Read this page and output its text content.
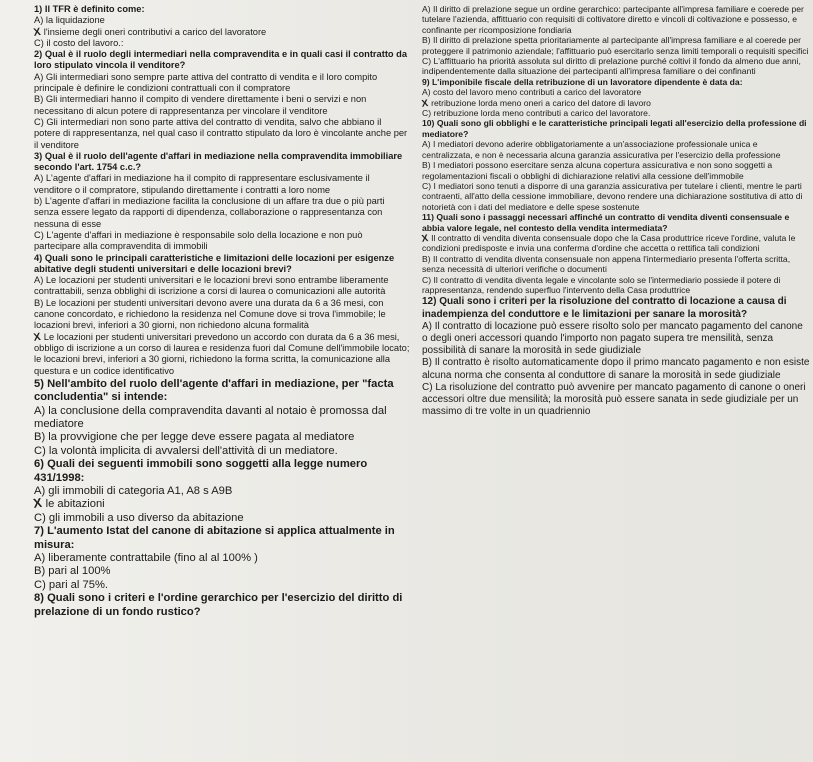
1) Il TFR è definito come:

A) la liquidazione

X l'insieme degli oneri contributivi a carico del lavoratore

C) il costo del lavoro.:

2) Qual è il ruolo degli intermediari nella compravendita e in quali casi il contratto da loro stipulato vincola il venditore?

A) Gli intermediari sono sempre parte attiva del contratto di vendita e il loro compito principale è definire le condizioni contrattuali con il compratore

B) Gli intermediari hanno il compito di vendere direttamente i beni o servizi e non necessitano di alcun potere di rappresentanza per vincolare il venditore

C) Gli intermediari non sono parte attiva del contratto di vendita, salvo che abbiano il potere di rappresentanza, nel qual caso il contratto stipulato da loro è vincolante anche per il venditore

3) Qual è il ruolo dell'agente d'affari in mediazione nella compravendita immobiliare secondo l'art. 1754 c.c.?

A) L'agente d'affari in mediazione ha il compito di rappresentare esclusivamente il venditore o il compratore, stipulando direttamente i contratti a loro nome

b) L'agente d'affari in mediazione facilita la conclusione di un affare tra due o più parti senza essere legato da rapporti di dipendenza, collaborazione o rappresentanza con nessuna di esse

C) L'agente d'affari in mediazione è responsabile solo della locazione e non può partecipare alla compravendita di immobili

4) Quali sono le principali caratteristiche e limitazioni delle locazioni per esigenze abitative degli studenti universitari e delle locazioni brevi?

A) Le locazioni per studenti universitari e le locazioni brevi sono entrambe liberamente contrattabili, senza obblighi di iscrizione a corsi di laurea o comunicazioni alle autorità

B) Le locazioni per studenti universitari devono avere una durata da 6 a 36 mesi, con canone concordato, e richiedono la residenza nel Comune dove si trova l'immobile; le locazioni brevi, inferiori a 30 giorni, non richiedono alcuna formalità

X Le locazioni per studenti universitari prevedono un accordo con durata da 6 a 36 mesi, obbligo di iscrizione a un corso di laurea e residenza fuori dal Comune dell'immobile locato; le locazioni brevi, inferiori a 30 giorni, richiedono la forma scritta, la comunicazione alla questura e un codice identificativo

5) Nell'ambito del ruolo dell'agente d'affari in mediazione, per "facta concludentia" si intende:

A) la conclusione della compravendita davanti al notaio è promossa dal mediatore

B) la provvigione che per legge deve essere pagata al mediatore

C) la volontà implicita di avvalersi dell'attività di un mediatore.

6) Quali dei seguenti immobili sono soggetti alla legge numero 431/1998:

A) gli immobili di categoria A1, A8 s A9B

X le abitazioni

C) gli immobili a uso diverso da abitazione

7) L'aumento Istat del canone di abitazione si applica attualmente in misura:

A) liberamente contrattabile (fino al al 100% )

B) pari al 100%

C) pari al 75%.

8) Quali sono i criteri e l'ordine gerarchico per l'esercizio del diritto di prelazione di un fondo rustico?

A) Il diritto di prelazione segue un ordine gerarchico: partecipante all'impresa familiare e coerede per tutelare l'azienda, affittuario con requisiti di coltivatore diretto e vincoli di coltivazione e possesso, e confinante per ricomposizione fondiaria

B) Il diritto di prelazione spetta prioritariamente al partecipante all'impresa familiare e al coerede per proteggere il patrimonio aziendale; l'affittuario può esercitarlo senza limiti temporali o requisiti specifici

C) L'affittuario ha priorità assoluta sul diritto di prelazione purché coltivi il fondo da almeno due anni, indipendentemente dalla situazione dei partecipanti all'impresa familiare o dei confinanti

9) L'imponibile fiscale della retribuzione di un lavoratore dipendente è data da:

A) costo del lavoro meno contributi a carico del lavoratore

X retribuzione lorda meno oneri a carico del datore di lavoro

C) retribuzione lorda meno contributi a carico del lavoratore.

10) Quali sono gli obblighi e le caratteristiche principali legati all'esercizio della professione di mediatore?

A) I mediatori devono aderire obbligatoriamente a un'associazione professionale unica e centralizzata, e non è necessaria alcuna garanzia assicurativa per l'esercizio della professione

B) I mediatori possono esercitare senza alcuna copertura assicurativa e non sono soggetti a regolamentazioni fiscali o obblighi di dichiarazione relativi alla cessione dell'immobile

C) I mediatori sono tenuti a disporre di una garanzia assicurativa per tutelare i clienti, mentre le parti contraenti, all'atto della cessione immobiliare, devono rendere una dichiarazione sostitutiva di atto di notorietà con i dati del mediatore e delle spese sostenute

11) Quali sono i passaggi necessari affinché un contratto di vendita diventi consensuale e abbia valore legale, nel contesto della vendita intermediata?

X Il contratto di vendita diventa consensuale dopo che la Casa produttrice riceve l'ordine, valuta le condizioni predisposte e invia una conferma d'ordine che accetta o rettifica tali condizioni

B) Il contratto di vendita diventa consensuale non appena l'intermediario presenta l'offerta scritta, senza necessità di ulteriori verifiche o documenti

C) Il contratto di vendita diventa legale e vincolante solo se l'intermediario possiede il potere di rappresentanza, rendendo superfluo l'intervento della Casa produttrice

12) Quali sono i criteri per la risoluzione del contratto di locazione a causa di inadempienza del conduttore e le limitazioni per sanare la morosità?

A) Il contratto di locazione può essere risolto solo per mancato pagamento del canone o degli oneri accessori quando l'importo non pagato supera tre mensilità, senza possibilità di sanare la morosità in sede giudiziale

B) Il contratto è risolto automaticamente dopo il primo mancato pagamento e non esiste alcuna norma che consenta al conduttore di sanare la morosità in sede giudiziale

C) La risoluzione del contratto può avvenire per mancato pagamento di canone o oneri accessori oltre due mensilità; la morosità può essere sanata in sede giudiziale per un massimo di tre volte in un quadriennio
